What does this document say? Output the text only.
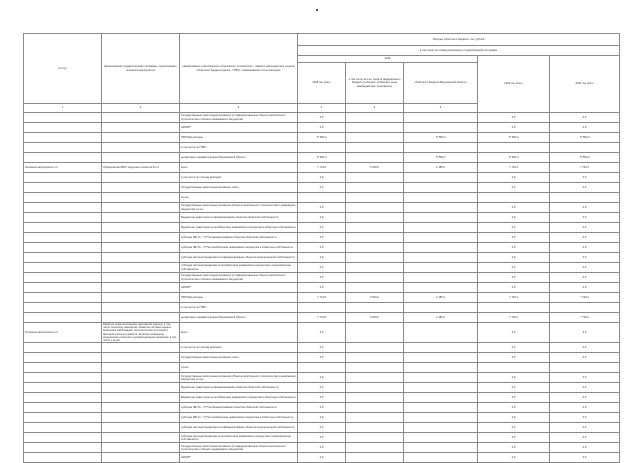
Статус	Наименование государственной программы, подпрограммы, основного мероприятия	Наименование ответственного исполнителя, исполнителя - главного распорядителя средств областного бюджета (далее - ГРБС) / наименование статьи расходов	Расходы областного бюджета, тыс. рублей					
			в том числе по этапам реализации государственной программы					
			2018			2019 год, всего	2020 год, всего	
			2018 год, всего	в том числе за счет средств федерального бюджета (субсидии, субвенции, иные межбюджетные трансферты)	областного бюджета Воронежской области			
1	2	3	4	5	6		
		Государственные капитальные вложения (в подведомственные объекты капитального строительства и объекты недвижимого имущества)	0,0			0,0	0,0	
		НИОКР*	0,0			0,0	0,0	
		ПРОЧИЕ расходы	77 852,0		77 852,0	77 852,0	77 852,0	
		в том числе по ГРБС:						
		департамент здравоохранения Воронежской области	77 852,0		77 852,0	77 852,0	77 852,0	
Основное мероприятие 1.2	Профилактика ВИЧ, вирусных гепатитов В и С	всего	7 714,8	5 529,6	2 185,2	7 749,4	7 749,4	
		в том числе по статьям расходов:	0,0			0,0	0,0	
		Государственные капитальные вложения, всего	0,0			0,0	0,0	
		из них:						
		Государственные капитальные вложения (объекты капитального строительства и недвижимое имущество) из них	0,0			0,0	0,0	
		Бюджетные инвестиции на финансирование объектов областной собственности	0,0			0,0	0,0	
		Бюджетные инвестиции на приобретение недвижимого имущества в областную собственность	0,0			0,0	0,0	
		субсидии (БК 41 - 77)**на финансирование объектов областной собственности	0,0			0,0	0,0	
		субсидии (БК 41 - 77)*на приобретение недвижимого имущества в областную собственность	0,0			0,0	0,0	
		субсидии местным бюджетам на софинансирование объектов муниципальной собственности	0,0			0,0	0,0	
		субсидии местным бюджетам на приобретение недвижимого имущества в муниципальную собственность	0,0			0,0	0,0	
		Государственные капитальные вложения (в подведомственные объекты капитального строительства и объекты недвижимого имущества)	0,0			0,0	0,0	
		НИОКР*	0,0			0,0	0,0	
		ПРОЧИЕ расходы	7 714,8	5 529,6	2 185,2	7 749,4	7 749,4	
		в том числе по ГРБС:						
		департамент здравоохранения Воронежской области	7 714,8	5 529,6	2 185,2	7 749,4	7 749,4	
Основное мероприятие 1.3	Развитие первичной медико-санитарной помощи, в том числе сельскому населению. Развитие системы раннего выявления заболеваний, патологических состояний и факторов риска их развития, включая проведение медицинских осмотров и диспансеризации населения, в том числе у детей	всего	0,0			0,0	0,0	
		в том числе по статьям расходов:	0,0			0,0	0,0	
		Государственные капитальные вложения, всего	0,0			0,0	0,0	
		из них:						
		Государственные капитальные вложения (объекты капитального строительства и недвижимое имущество) из них	0,0			0,0	0,0	
		Бюджетные инвестиции на финансирование объектов областной собственности	0,0			0,0	0,0	
		Бюджетные инвестиции на приобретение недвижимого имущества в областную собственность	0,0			0,0	0,0	
		субсидии (БК 41 - 77)**на финансирование объектов областной собственности	0,0			0,0	0,0	
		субсидии (БК 41 - 77)*на приобретение недвижимого имущества в областную собственность	0,0			0,0	0,0	
		субсидии местным бюджетам на софинансирование объектов муниципальной собственности	0,0			0,0	0,0	
		субсидии местным бюджетам на приобретение недвижимого имущества в муниципальную собственность	0,0			0,0	0,0	
		Государственные капитальные вложения (в подведомственные объекты капитального строительства и объекты недвижимого имущества)	0,0			0,0	0,0	
		НИОКР*	0,0			0,0	0,0	
